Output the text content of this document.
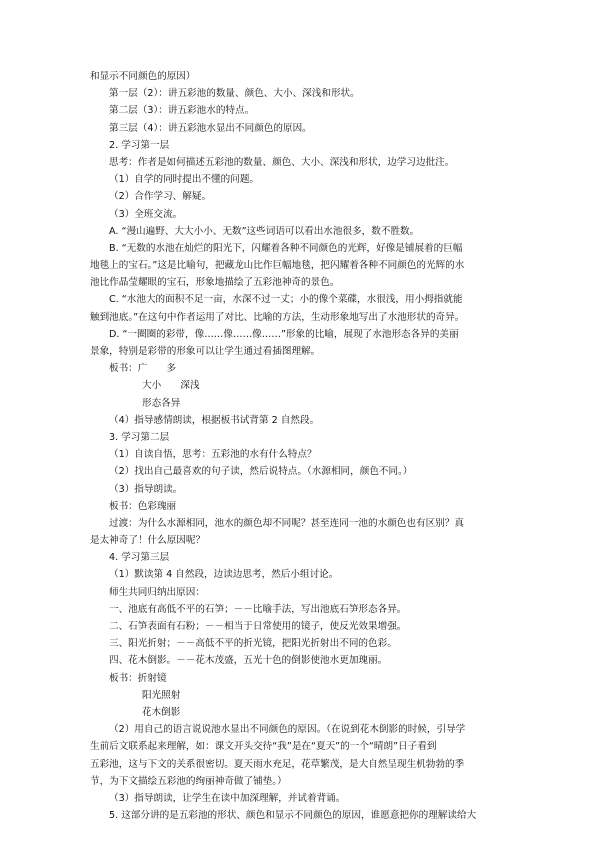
和显示不同颜色的原因）
第一层（2）：讲五彩池的数量、颜色、大小、深浅和形状。
第二层（3）：讲五彩池水的特点。
第三层（4）：讲五彩池水显出不同颜色的原因。
2. 学习第一层
思考：作者是如何描述五彩池的数量、颜色、大小、深浅和形状，边学习边批注。
（1）自学的同时提出不懂的问题。
（2）合作学习、解疑。
（3）全班交流。
A. “漫山遍野、大大小小、无数”这些词语可以看出水池很多，数不胜数。
B. “无数的水池在灿烂的阳光下，闪耀着各种不同颜色的光辉，好像是铺展着的巨幅
地毯上的宝石。”这是比喻句，把藏龙山比作巨幅地毯，把闪耀着各种不同颜色的光辉的水
池比作晶莹耀眼的宝石，形象地描绘了五彩池神奇的景色。
C. “水池大的面积不足一亩，水深不过一丈；小的像个菜碟，水很浅，用小拇指就能
触到池底。”在这句中作者运用了对比、比喻的方法，生动形象地写出了水池形状的奇异。
D. “一圈圈的彩带，像……像……像……”形象的比喻，展现了水池形态各异的美丽
景象，特别是彩带的形象可以让学生通过看插图理解。
板书：广　　多
大小　　深浅
形态各异
（4）指导感情朗读，根据板书试背第 2 自然段。
3. 学习第二层
（1）自读自悟，思考：五彩池的水有什么特点？
（2）找出自己最喜欢的句子读，然后说特点。（水源相同，颜色不同。）
（3）指导朗读。
板书：色彩瑰丽
过渡：为什么水源相同，池水的颜色却不同呢？甚至连同一池的水颜色也有区别？真
是太神奇了！什么原因呢？
4. 学习第三层
（1）默读第 4 自然段，边读边思考，然后小组讨论。
师生共同归纳出原因：
一、池底有高低不平的石笋；－－比喻手法，写出池底石笋形态各异。
二、石笋表面有石粉；－－相当于日常使用的镜子，使反光效果增强。
三、阳光折射；－－高低不平的折光镜，把阳光折射出不同的色彩。
四、花木倒影。－－花木茂盛，五光十色的倒影使池水更加瑰丽。
板书：折射镜
阳光照射
花木倒影
（2）用自己的语言说说池水显出不同颜色的原因。（在说到花木倒影的时候，引导学
生前后文联系起来理解，如：课文开头交待“我”是在“夏天”的一个“晴朗”日子看到
五彩池，这与下文的关系很密切。夏天雨水充足，花草繁茂，是大自然呈现生机勃勃的季
节，为下文描绘五彩池的绚丽神奇做了铺垫。）
（3）指导朗读，让学生在读中加深理解，并试着背诵。
5. 这部分讲的是五彩池的形状、颜色和显示不同颜色的原因，谁愿意把你的理解读给大
